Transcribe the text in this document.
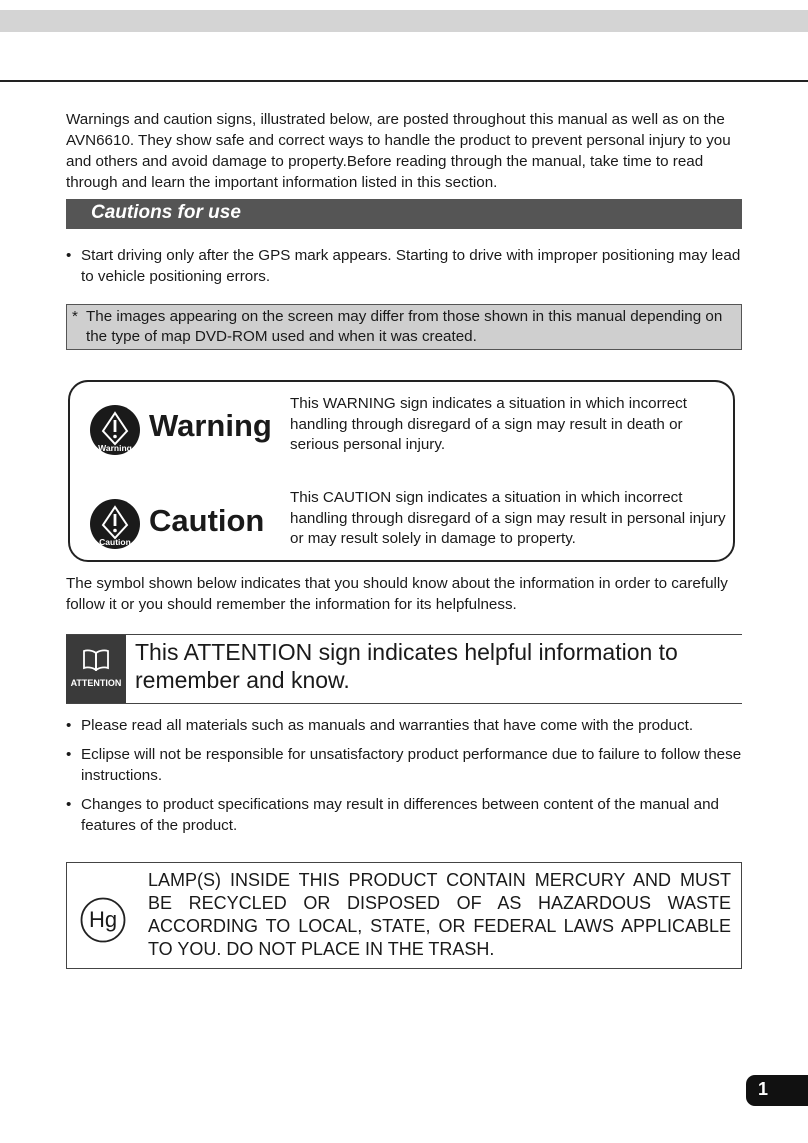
Warnings and caution signs, illustrated below, are posted throughout this manual as well as on the AVN6610. They show safe and correct ways to handle the product to prevent personal injury to you and others and avoid damage to property.Before reading through the manual, take time to read through and learn the important information listed in this section.

Cautions for use
• Start driving only after the GPS mark appears. Starting to drive with improper positioning may lead to vehicle positioning errors.
* The images appearing on the screen may differ from those shown in this manual depending on the type of map DVD-ROM used and when it was created.
Warning
Warning
This WARNING sign indicates a situation in which incorrect handling through disregard of a sign may result in death or serious personal injury.
Caution
Caution
This CAUTION sign indicates a situation in which incorrect handling through disregard of a sign may result in personal injury or may result solely in damage to property.

The symbol shown below indicates that you should know about the information in order to carefully follow it or you should remember the information for its helpfulness.

ATTENTION
This ATTENTION sign indicates helpful information to remember and know.
• Please read all materials such as manuals and warranties that have come with the product.
• Eclipse will not be responsible for unsatisfactory product performance due to failure to follow these instructions.
• Changes to product specifications may result in differences between content of the manual and features of the product.
Hg
LAMP(S) INSIDE THIS PRODUCT CONTAIN MERCURY AND MUST BE RECYCLED OR DISPOSED OF AS HAZARDOUS WASTE ACCORDING TO LOCAL, STATE, OR FEDERAL LAWS APPLICABLE TO YOU. DO NOT PLACE IN THE TRASH.
1
